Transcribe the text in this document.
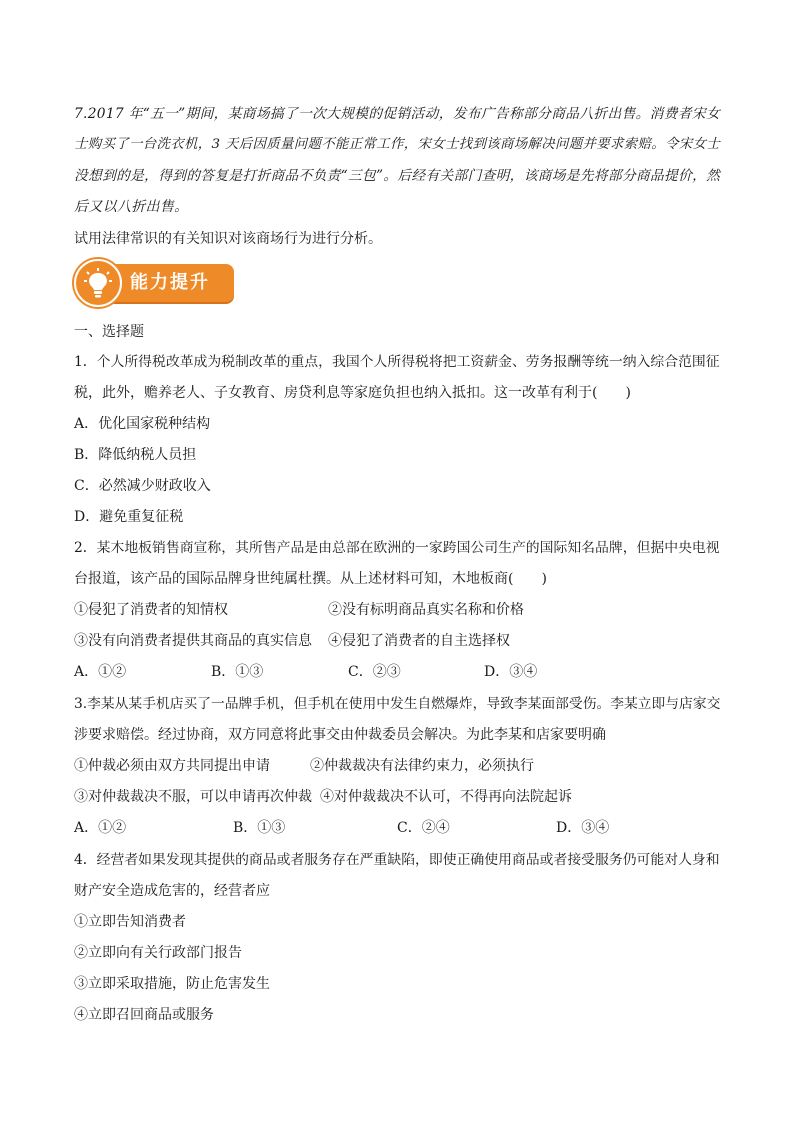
7.2017 年“五一”期间，某商场搞了一次大规模的促销活动，发布广告称部分商品八折出售。消费者宋女
士购买了一台洗衣机，3 天后因质量问题不能正常工作，宋女士找到该商场解决问题并要求索赔。令宋女士
没想到的是，得到的答复是打折商品不负责“三包”。后经有关部门查明，该商场是先将部分商品提价，然
后又以八折出售。
试用法律常识的有关知识对该商场行为进行分析。
能力提升
一、选择题
1．个人所得税改革成为税制改革的重点，我国个人所得税将把工资薪金、劳务报酬等统一纳入综合范围征
税，此外，赡养老人、子女教育、房贷利息等家庭负担也纳入抵扣。这一改革有利于(　　)
A．优化国家税种结构
B．降低纳税人员担
C．必然减少财政收入
D．避免重复征税
2．某木地板销售商宣称，其所售产品是由总部在欧洲的一家跨国公司生产的国际知名品牌，但据中央电视
台报道，该产品的国际品牌身世纯属杜撰。从上述材料可知，木地板商(　　)
①侵犯了消费者的知情权	②没有标明商品真实名称和价格
③没有向消费者提供其商品的真实信息 ④侵犯了消费者的自主选择权
A．①②	B．①③	C．②③	D．③④
3.李某从某手机店买了一品牌手机，但手机在使用中发生自燃爆炸，导致李某面部受伤。李某立即与店家交
涉要求赔偿。经过协商，双方同意将此事交由仲裁委员会解决。为此李某和店家要明确
①仲裁必须由双方共同提出申请	②仲裁裁决有法律约束力，必须执行
③对仲裁裁决不服，可以申请再次仲裁 ④对仲裁裁决不认可，不得再向法院起诉
A．①②	B．①③	C．②④	D．③④
4．经营者如果发现其提供的商品或者服务存在严重缺陷，即使正确使用商品或者接受服务仍可能对人身和
财产安全造成危害的，经营者应
①立即告知消费者
②立即向有关行政部门报告
③立即采取措施，防止危害发生
④立即召回商品或服务
